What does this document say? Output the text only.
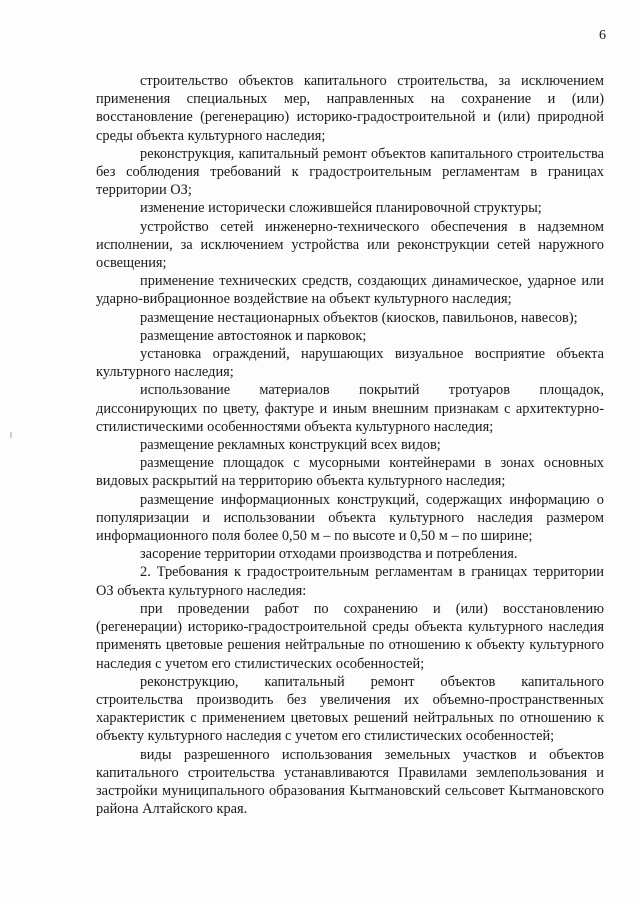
6

строительство объектов капитального строительства, за исключением применения специальных мер, направленных на сохранение и (или) восстановление (регенерацию) историко-градостроительной и (или) природной среды объекта культурного наследия;

реконструкция, капитальный ремонт объектов капитального строительства без соблюдения требований к градостроительным регламентам в границах территории ОЗ;

изменение исторически сложившейся планировочной структуры;

устройство сетей инженерно-технического обеспечения в надземном исполнении, за исключением устройства или реконструкции сетей наружного освещения;

применение технических средств, создающих динамическое, ударное или ударно-вибрационное воздействие на объект культурного наследия;

размещение нестационарных объектов (киосков, павильонов, навесов);

размещение автостоянок и парковок;

установка ограждений, нарушающих визуальное восприятие объекта культурного наследия;

использование материалов покрытий тротуаров площадок, диссонирующих по цвету, фактуре и иным внешним признакам с архитектурно-стилистическими особенностями объекта культурного наследия;

размещение рекламных конструкций всех видов;

размещение площадок с мусорными контейнерами в зонах основных видовых раскрытий на территорию объекта культурного наследия;

размещение информационных конструкций, содержащих информацию о популяризации и использовании объекта культурного наследия размером информационного поля более 0,50 м – по высоте и 0,50 м – по ширине;

засорение территории отходами производства и потребления.

2. Требования к градостроительным регламентам в границах территории ОЗ объекта культурного наследия:

при проведении работ по сохранению и (или) восстановлению (регенерации) историко-градостроительной среды объекта культурного наследия применять цветовые решения нейтральные по отношению к объекту культурного наследия с учетом его стилистических особенностей;

реконструкцию, капитальный ремонт объектов капитального строительства производить без увеличения их объемно-пространственных характеристик с применением цветовых решений нейтральных по отношению к объекту культурного наследия с учетом его стилистических особенностей;

виды разрешенного использования земельных участков и объектов капитального строительства устанавливаются Правилами землепользования и застройки муниципального образования Кытмановский сельсовет Кытмановского района Алтайского края.
